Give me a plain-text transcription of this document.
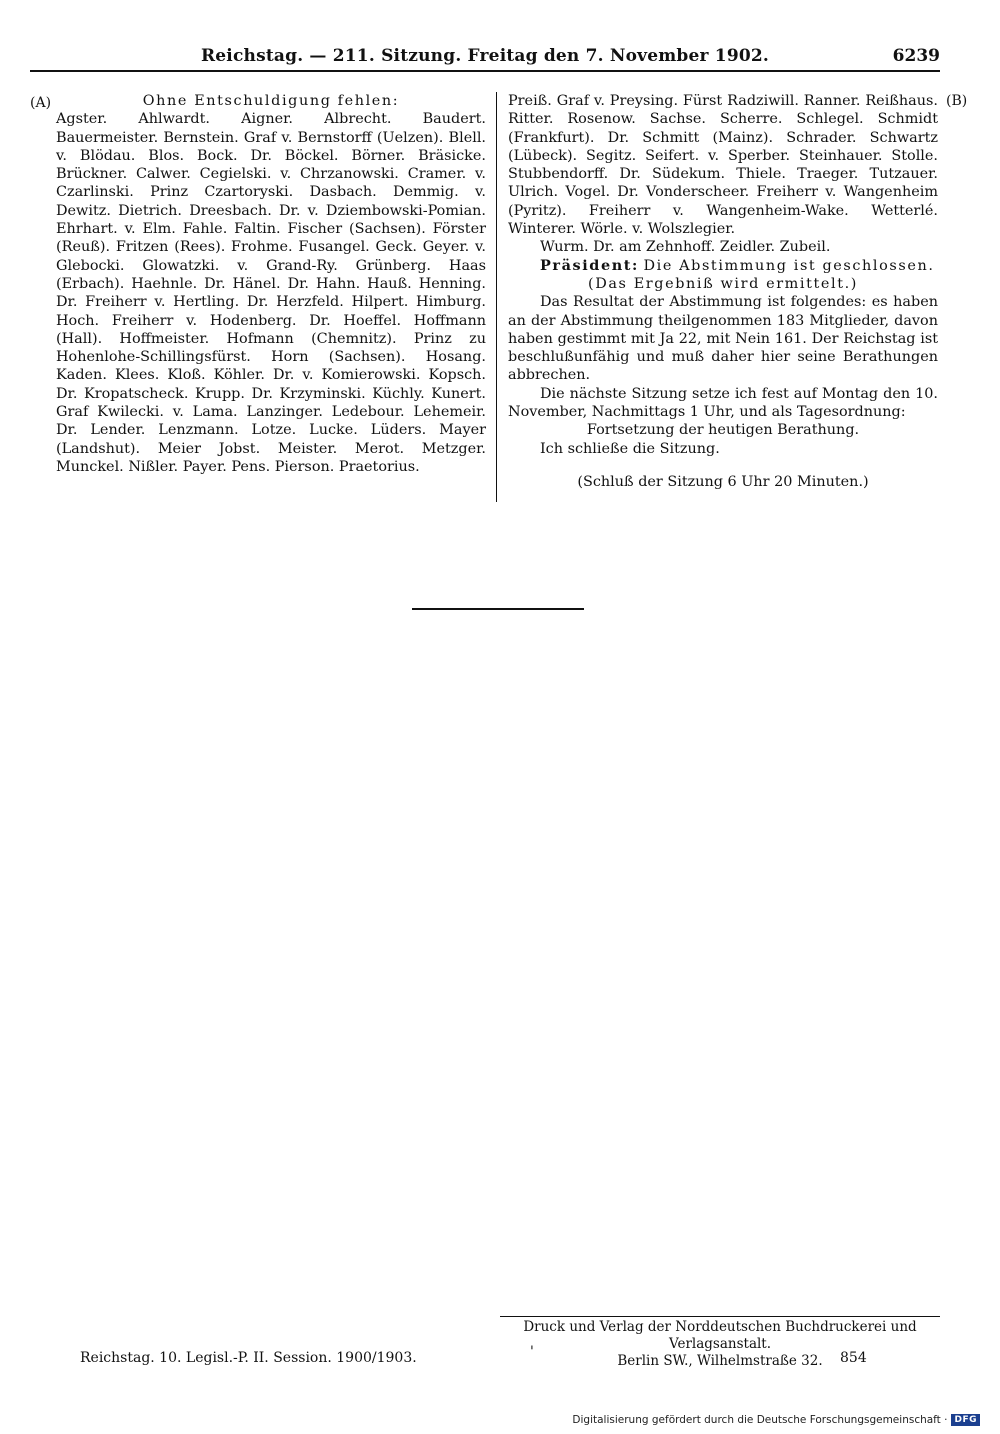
Reichstag. — 211. Sitzung. Freitag den 7. November 1902.	6239
(A)	(B)

Ohne Entschuldigung fehlen:

Agster. Ahlwardt. Aigner. Albrecht. Baudert. Bauermeister. Bernstein. Graf v. Bernstorff (Uelzen). Blell. v. Blödau. Blos. Bock. Dr. Böckel. Börner. Bräsicke. Brückner. Calwer. Cegielski. v. Chrzanowski. Cramer. v. Czarlinski. Prinz Czartoryski. Dasbach. Demmig. v. Dewitz. Dietrich. Dreesbach. Dr. v. Dziembowski-Pomian. Ehrhart. v. Elm. Fahle. Faltin. Fischer (Sachsen). Förster (Reuß). Fritzen (Rees). Frohme. Fusangel. Geck. Geyer. v. Glebocki. Glowatzki. v. Grand-Ry. Grünberg. Haas (Erbach). Haehnle. Dr. Hänel. Dr. Hahn. Hauß. Henning. Dr. Freiherr v. Hertling. Dr. Herzfeld. Hilpert. Himburg. Hoch. Freiherr v. Hodenberg. Dr. Hoeffel. Hoffmann (Hall). Hoffmeister. Hofmann (Chemnitz). Prinz zu Hohenlohe-Schillingsfürst. Horn (Sachsen). Hosang. Kaden. Klees. Kloß. Köhler. Dr. v. Komierowski. Kopsch. Dr. Kropatscheck. Krupp. Dr. Krzyminski. Küchly. Kunert. Graf Kwilecki. v. Lama. Lanzinger. Ledebour. Lehemeir. Dr. Lender. Lenzmann. Lotze. Lucke. Lüders. Mayer (Landshut). Meier Jobst. Meister. Merot. Metzger. Munckel. Nißler. Payer. Pens. Pierson. Praetorius.

Preiß. Graf v. Preysing. Fürst Radziwill. Ranner. Reißhaus. Ritter. Rosenow. Sachse. Scherre. Schlegel. Schmidt (Frankfurt). Dr. Schmitt (Mainz). Schrader. Schwartz (Lübeck). Segitz. Seifert. v. Sperber. Steinhauer. Stolle. Stubbendorff. Dr. Südekum. Thiele. Traeger. Tutzauer. Ulrich. Vogel. Dr. Vonderscheer. Freiherr v. Wangenheim (Pyritz). Freiherr v. Wangenheim-Wake. Wetterlé. Winterer. Wörle. v. Wolszlegier.

Wurm. Dr. am Zehnhoff. Zeidler. Zubeil.

Präsident: Die Abstimmung ist geschlossen.

(Das Ergebniß wird ermittelt.)

Das Resultat der Abstimmung ist folgendes: es haben an der Abstimmung theilgenommen 183 Mitglieder, davon haben gestimmt mit Ja 22, mit Nein 161. Der Reichstag ist beschlußunfähig und muß daher hier seine Berathungen abbrechen.

Die nächste Sitzung setze ich fest auf Montag den 10. November, Nachmittags 1 Uhr, und als Tagesordnung:

Fortsetzung der heutigen Berathung.

Ich schließe die Sitzung.

(Schluß der Sitzung 6 Uhr 20 Minuten.)

Druck und Verlag der Norddeutschen Buchdruckerei und Verlagsanstalt.
Berlin SW., Wilhelmstraße 32.
Reichstag. 10. Legisl.-P. II. Session. 1900/1903.	'	854
Digitalisierung gefördert durch die Deutsche Forschungsgemeinschaft · DFG
